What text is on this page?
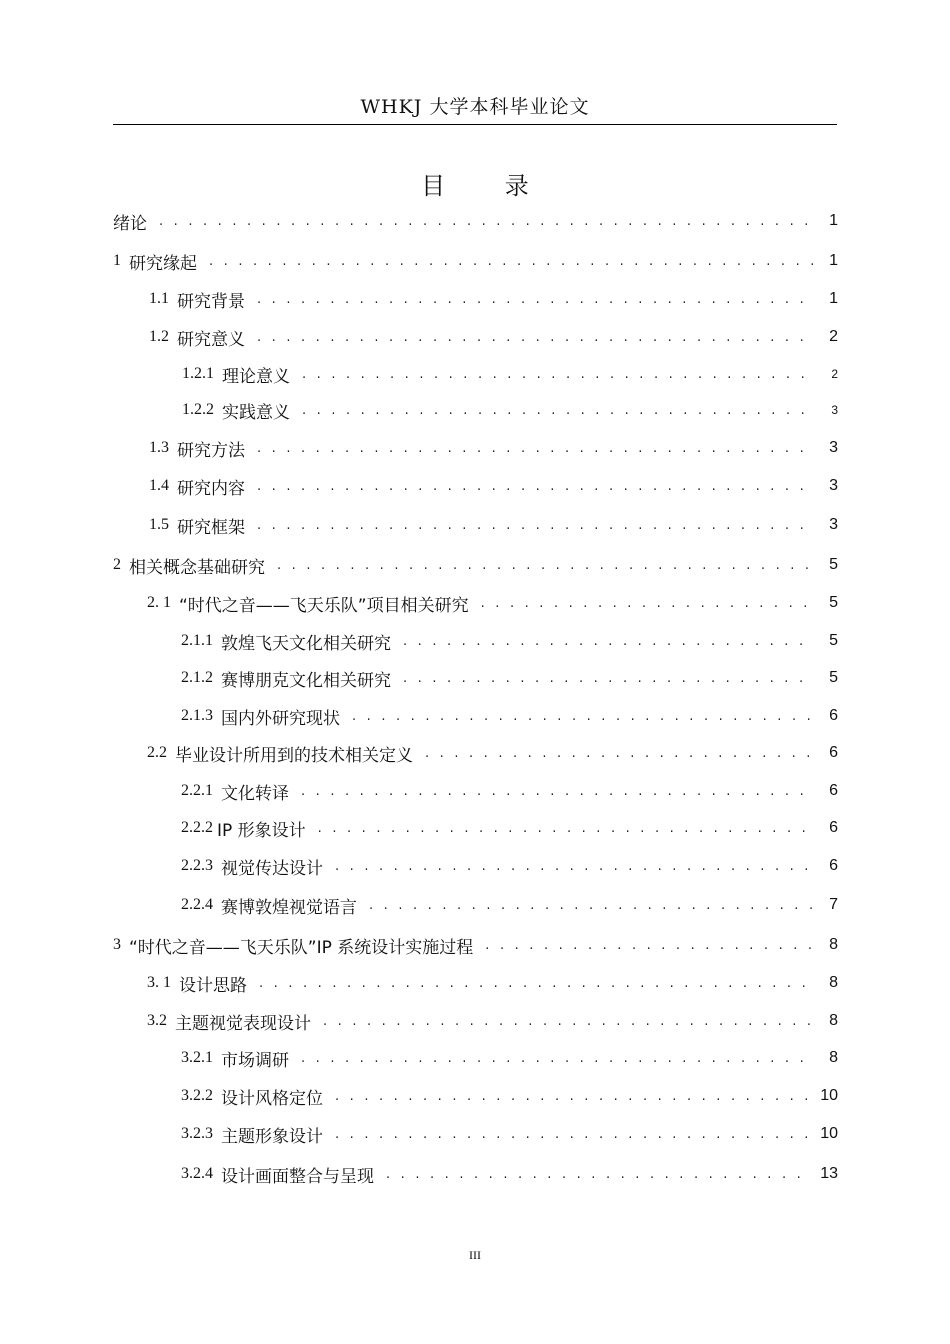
WHKJ 大学本科毕业论文
目 录
绪论 . . .	1
1 研究缘起 . . .	1
1.1 研究背景 . . .	1
1.2 研究意义 . . .	2
1.2.1 理论意义 . . .	2
1.2.2 实践意义 . . .	3
1.3 研究方法 . . .	3
1.4 研究内容 . . .	3
1.5 研究框架 . . .	3
2 相关概念基础研究 . . .	5
2. 1 “时代之音——飞天乐队”项目相关研究 . . .	5
2.1.1 敦煌飞天文化相关研究 . . .	5
2.1.2 赛博朋克文化相关研究 . . .	5
2.1.3 国内外研究现状 . . .	6
2.2 毕业设计所用到的技术相关定义 . . .	6
2.2.1 文化转译 . . .	6
2.2.2 IP 形象设计 . . .	6
2.2.3 视觉传达设计 . . .	6
2.2.4 赛博敦煌视觉语言 . . .	7
3 “时代之音——飞天乐队”IP 系统设计实施过程 . . .	8
3. 1 设计思路 . . .	8
3.2 主题视觉表现设计 . . .	8
3.2.1 市场调研 . . .	8
3.2.2 设计风格定位 . . .	10
3.2.3 主题形象设计 . . .	10
3.2.4 设计画面整合与呈现 . . .	13
III
